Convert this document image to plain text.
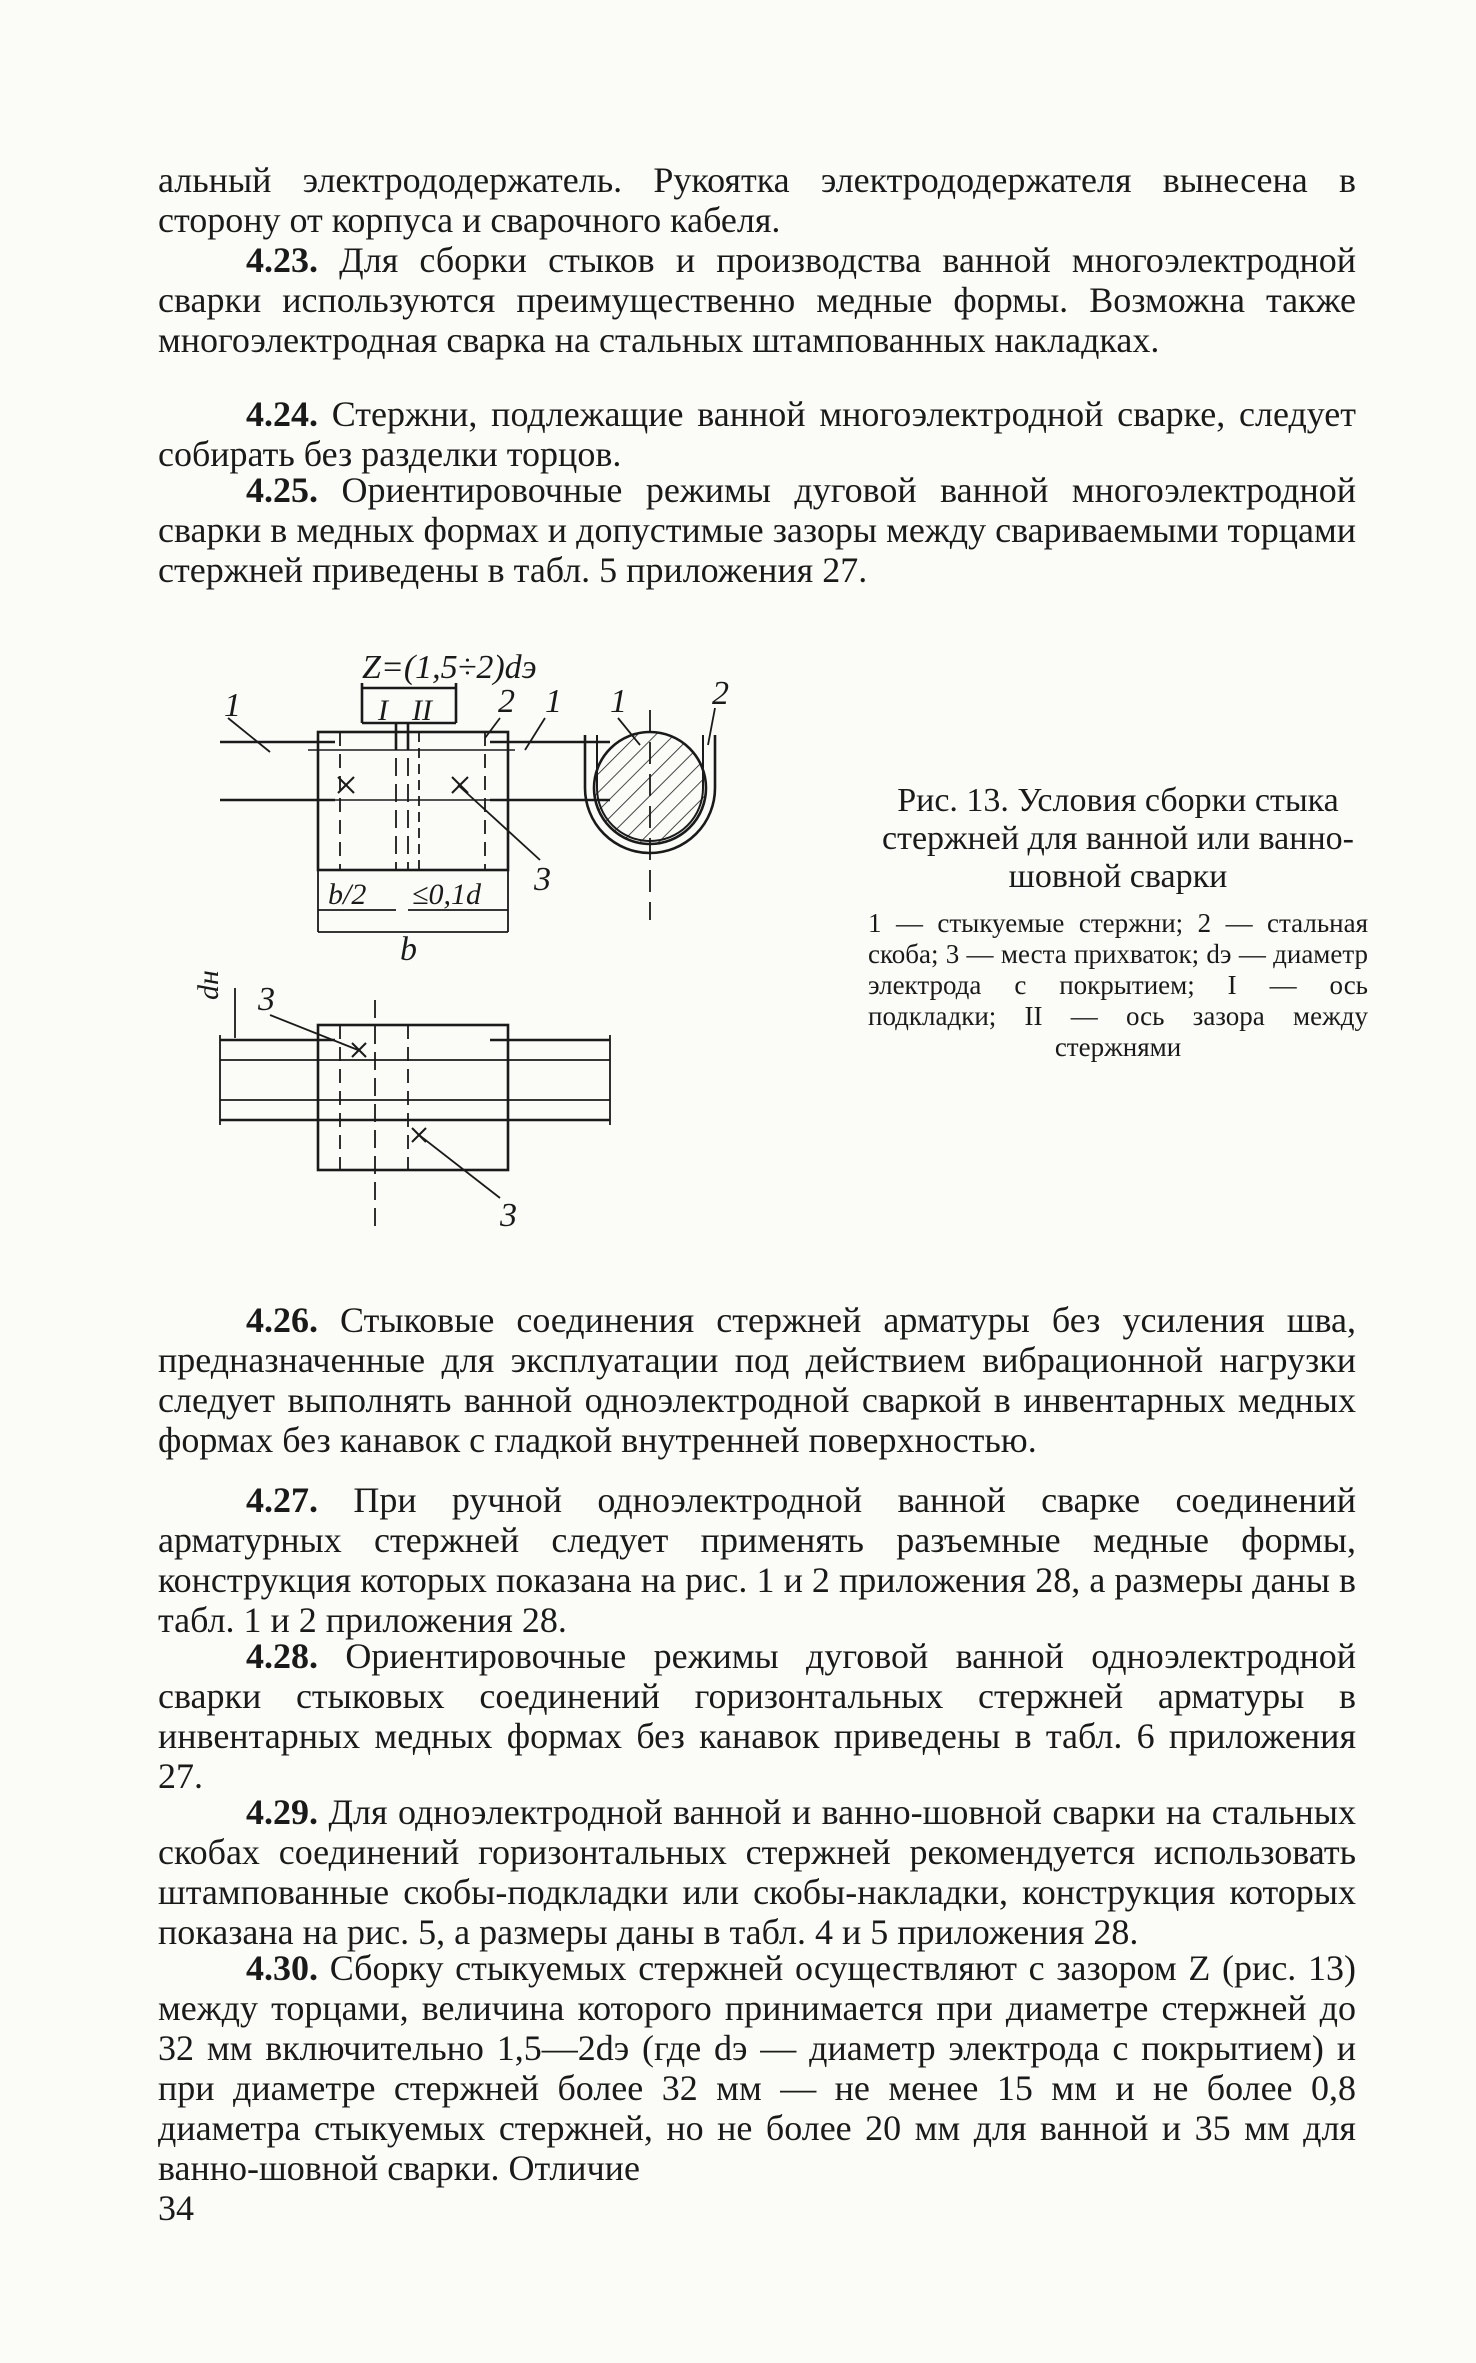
альный электрододержатель. Рукоятка электрододержателя вынесена в сторону от корпуса и сварочного кабеля.

4.23. Для сборки стыков и производства ванной многоэлектродной сварки используются преимущественно медные формы. Возможна также многоэлектродная сварка на стальных штампованных накладках.

4.24. Стержни, подлежащие ванной многоэлектродной сварке, следует собирать без разделки торцов.

4.25. Ориентировочные режимы дуговой ванной многоэлектродной сварки в медных формах и допустимые зазоры между свариваемыми торцами стержней приведены в табл. 5 приложения 27.

Z=(1,5÷2)dэ
I II
1	2 1 1	2
3
b/2 ≤0,1d
b
dн 3
3

Рис. 13. Условия сборки стыка стержней для ванной или ванно-шовной сварки

1 — стыкуемые стержни; 2 — стальная скоба; 3 — места прихваток; dэ — диаметр электрода с покрытием; I — ось подкладки; II — ось зазора между стержнями

4.26. Стыковые соединения стержней арматуры без усиления шва, предназначенные для эксплуатации под действием вибрационной нагрузки следует выполнять ванной одноэлектродной сваркой в инвентарных медных формах без канавок с гладкой внутренней поверхностью.

4.27. При ручной одноэлектродной ванной сварке соединений арматурных стержней следует применять разъемные медные формы, конструкция которых показана на рис. 1 и 2 приложения 28, а размеры даны в табл. 1 и 2 приложения 28.

4.28. Ориентировочные режимы дуговой ванной одноэлектродной сварки стыковых соединений горизонтальных стержней арматуры в инвентарных медных формах без канавок приведены в табл. 6 приложения 27.

4.29. Для одноэлектродной ванной и ванно-шовной сварки на стальных скобах соединений горизонтальных стержней рекомендуется использовать штампованные скобы-подкладки или скобы-накладки, конструкция которых показана на рис. 5, а размеры даны в табл. 4 и 5 приложения 28.

4.30. Сборку стыкуемых стержней осуществляют с зазором Z (рис. 13) между торцами, величина которого принимается при диаметре стержней до 32 мм включительно 1,5—2dэ (где dэ — диаметр электрода с покрытием) и при диаметре стержней более 32 мм — не менее 15 мм и не более 0,8 диаметра стыкуемых стержней, но не более 20 мм для ванной и 35 мм для ванно-шовной сварки. Отличие

34
